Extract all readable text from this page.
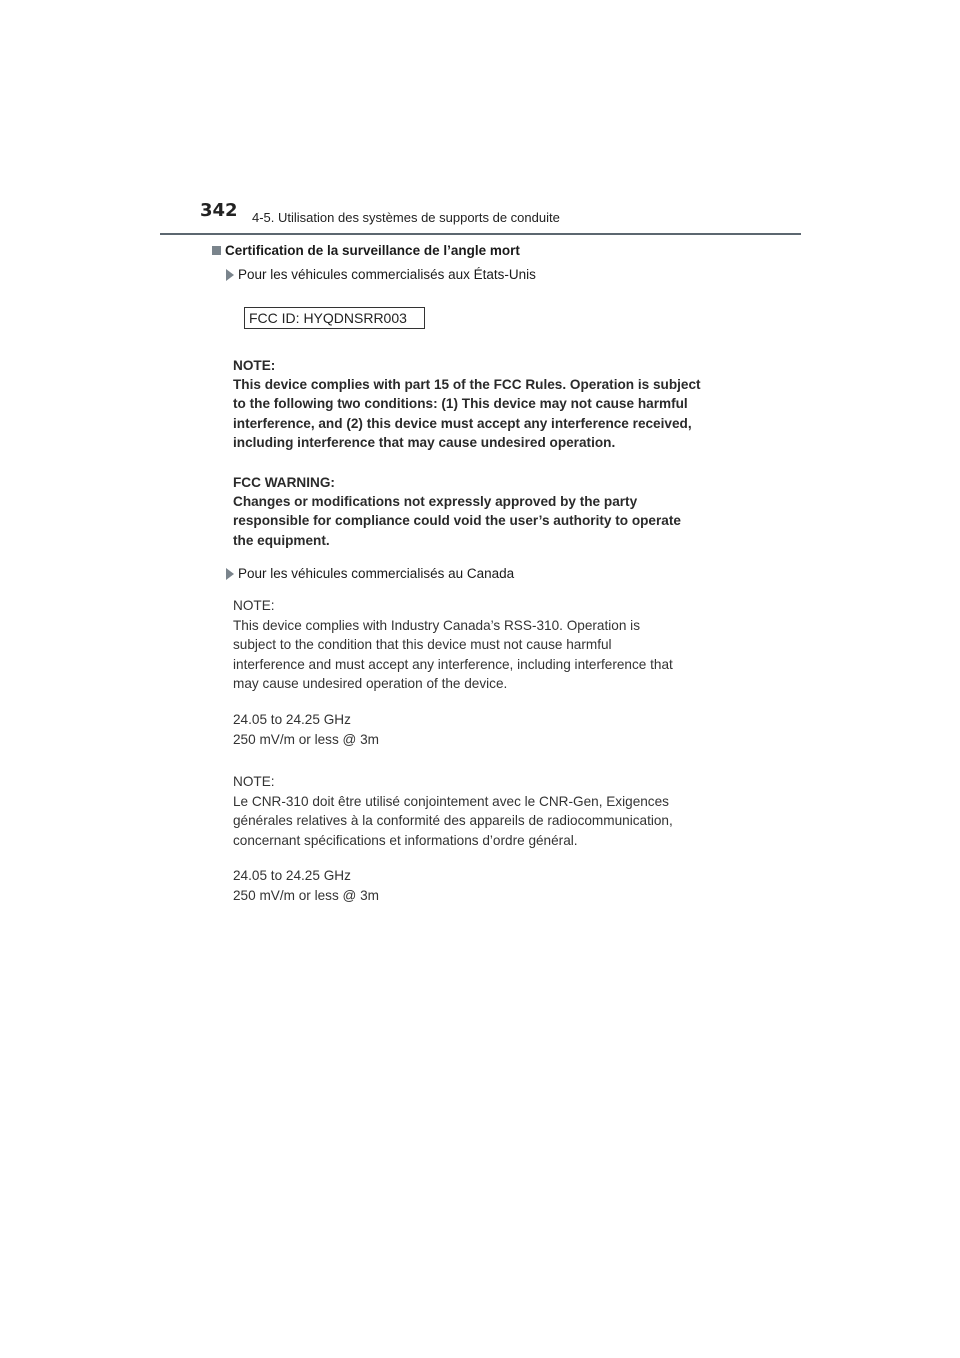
342 4-5. Utilisation des systèmes de supports de conduite
Certification de la surveillance de l’angle mort
Pour les véhicules commercialisés aux États-Unis
FCC ID: HYQDNSRR003
NOTE:
This device complies with part 15 of the FCC Rules. Operation is subject
to the following two conditions: (1) This device may not cause harmful
interference, and (2) this device must accept any interference received,
including interference that may cause undesired operation.
FCC WARNING:
Changes or modifications not expressly approved by the party
responsible for compliance could void the user’s authority to operate
the equipment.
Pour les véhicules commercialisés au Canada
NOTE:
This device complies with Industry Canada’s RSS-310. Operation is
subject to the condition that this device must not cause harmful
interference and must accept any interference, including interference that
may cause undesired operation of the device.
24.05 to 24.25 GHz
250 mV/m or less @ 3m
NOTE:
Le CNR-310 doit être utilisé conjointement avec le CNR-Gen, Exigences
générales relatives à la conformité des appareils de radiocommunication,
concernant spécifications et informations d’ordre général.
24.05 to 24.25 GHz
250 mV/m or less @ 3m
